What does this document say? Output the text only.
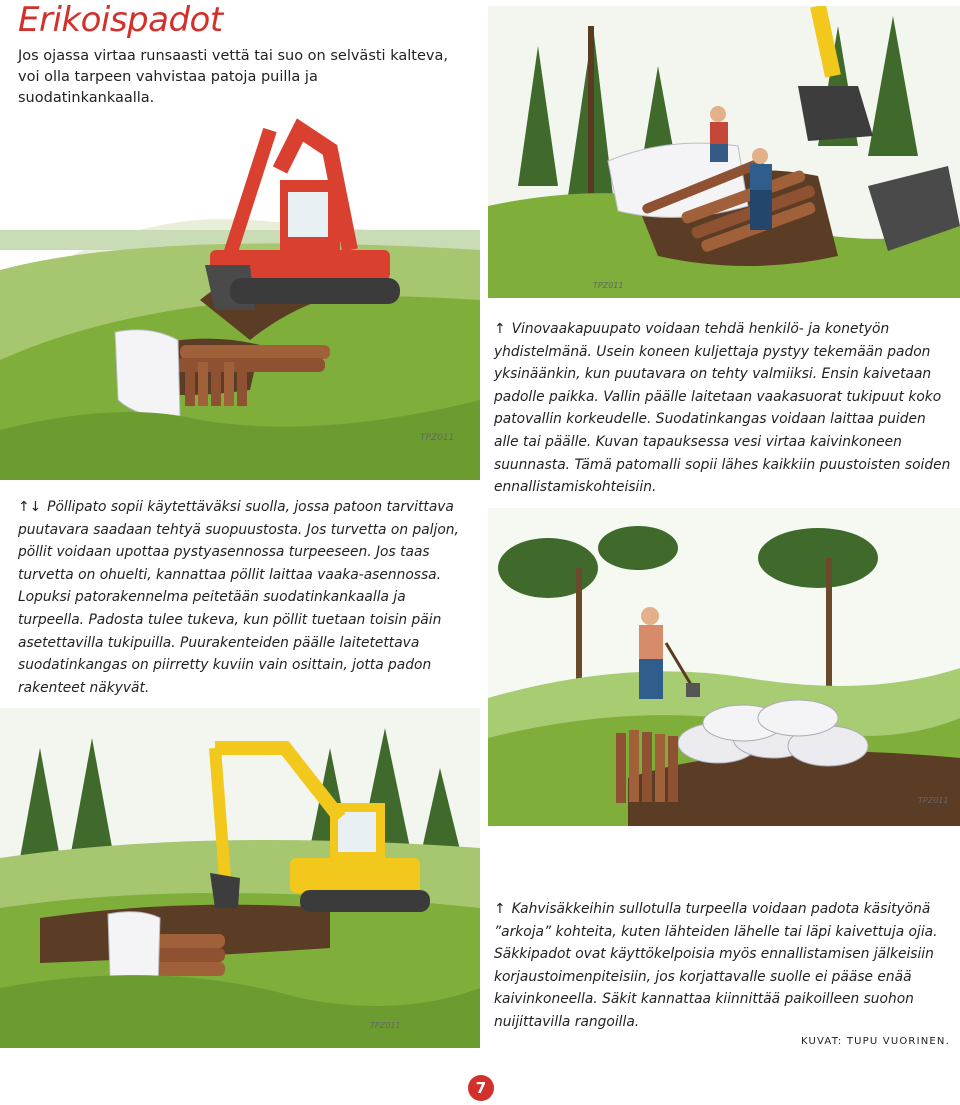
Erikoispadot

Jos ojassa virtaa runsaasti vettä tai suo on selvästi kalteva, voi olla tarpeen vahvistaa patoja puilla ja suodatinkankaalla.

TPZ011
TPZ011

↑ Vinovaakapuupato voidaan tehdä henkilö- ja konetyön yhdistelmänä. Usein koneen kuljettaja pystyy tekemään padon yksinäänkin, kun puutavara on tehty valmiiksi. Ensin kaivetaan padolle paikka. Vallin päälle laitetaan vaakasuorat tukipuut koko patovallin korkeudelle. Suodatinkangas voidaan laittaa puiden alle tai päälle. Kuvan tapauksessa vesi virtaa kaivinkoneen suunnasta. Tämä patomalli sopii lähes kaikkiin puustoisten soiden ennallistamiskohteisiin.

↑↓ Pöllipato sopii käytettäväksi suolla, jossa patoon tarvittava puutavara saadaan tehtyä suopuustosta. Jos turvetta on paljon, pöllit voidaan upottaa pystyasennossa turpeeseen. Jos taas turvetta on ohuelti, kannattaa pöllit laittaa vaaka-asennossa. Lopuksi patorakennelma peitetään suodatinkankaalla ja turpeella. Padosta tulee tukeva, kun pöllit tuetaan toisin päin asetettavilla tukipuilla. Puurakenteiden päälle laitetettava suodatinkangas on piirretty kuviin vain osittain, jotta padon rakenteet näkyvät.

TPZ011
TPZ011

↑ Kahvisäkkeihin sullotulla turpeella voidaan padota käsityönä ”arkoja” kohteita, kuten lähteiden lähelle tai läpi kaivettuja ojia. Säkkipadot ovat käyttökelpoisia myös ennallistamisen jälkeisiin korjaustoimenpiteisiin, jos korjattavalle suolle ei pääse enää kaivinkoneella. Säkit kannattaa kiinnittää paikoilleen suohon nuijittavilla rangoilla.

KUVAT: TUPU VUORINEN.
7
